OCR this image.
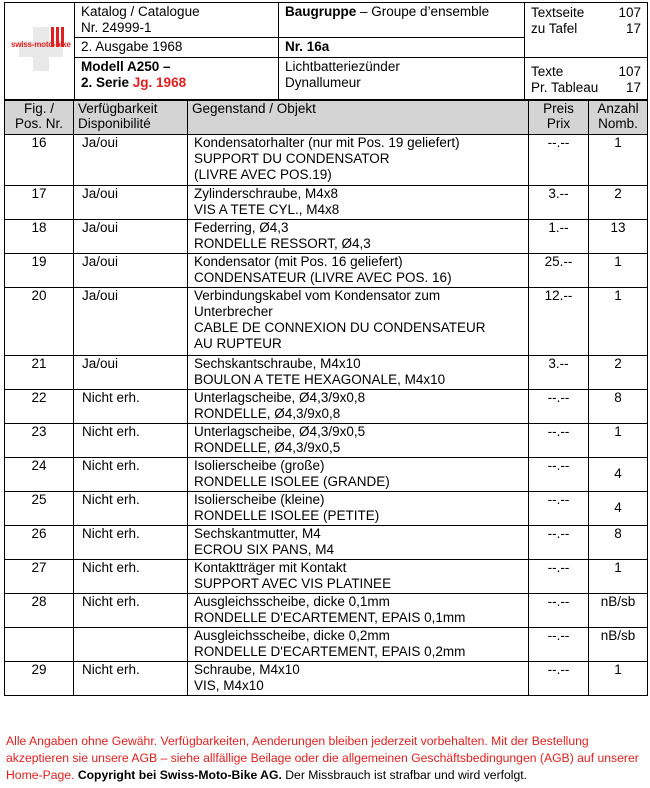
swiss-moto-bike	Katalog / Catalogue
Nr. 24999-1	Baugruppe – Groupe d’ensemble	Textseite 107
zu Tafel 17

	2. Ausgabe 1968	Nr. 16a	

	Modell A250 –
2. Serie Jg. 1968	Lichtbatteriezünder
Dynallumeur	Texte 107
Pr. Tableau 17
Fig. /
Pos. Nr.	Verfügbarkeit
Disponibilité	Gegenstand / Objekt	Preis
Prix	Anzahl
Nomb.

16	Ja/oui	Kondensatorhalter (nur mit Pos. 19 geliefert)
SUPPORT DU CONDENSATOR
(LIVRE AVEC POS.19)	--.--	1
17	Ja/oui	Zylinderschraube, M4x8
VIS A TETE CYL., M4x8	3.--	2
18	Ja/oui	Federring, Ø4,3
RONDELLE RESSORT, Ø4,3	1.--	13
19	Ja/oui	Kondensator (mit Pos. 16 geliefert)
CONDENSATEUR (LIVRE AVEC POS. 16)	25.--	1
20	Ja/oui	Verbindungskabel vom Kondensator zum
Unterbrecher
CABLE DE CONNEXION DU CONDENSATEUR
AU RUPTEUR	12.--	1
21	Ja/oui	Sechskantschraube, M4x10
BOULON A TETE HEXAGONALE, M4x10	3.--	2
22	Nicht erh.	Unterlagscheibe, Ø4,3/9x0,8
RONDELLE, Ø4,3/9x0,8	--.--	8
23	Nicht erh.	Unterlagscheibe, Ø4,3/9x0,5
RONDELLE, Ø4,3/9x0,5	--.--	1
24	Nicht erh.	Isolierscheibe (große)
RONDELLE ISOLEE (GRANDE)	--.--	4
25	Nicht erh.	Isolierscheibe (kleine)
RONDELLE ISOLEE (PETITE)	--.--	4
26	Nicht erh.	Sechskantmutter, M4
ECROU SIX PANS, M4	--.--	8
27	Nicht erh.	Kontaktträger mit Kontakt
SUPPORT AVEC VIS PLATINEE	--.--	1
28	Nicht erh.	Ausgleichsscheibe, dicke 0,1mm
RONDELLE D'ECARTEMENT, EPAIS 0,1mm	--.--	nB/sb

		Ausgleichsscheibe, dicke 0,2mm
RONDELLE D'ECARTEMENT, EPAIS 0,2mm	--.--	nB/sb
29	Nicht erh.	Schraube, M4x10
VIS, M4x10	--.--	1
Alle Angaben ohne Gewähr. Verfügbarkeiten, Aenderungen bleiben jederzeit vorbehalten. Mit der Bestellung akzeptieren sie unsere AGB – siehe allfällige Beilage oder die allgemeinen Geschäftsbedingungen (AGB) auf unserer Home-Page. Copyright bei Swiss-Moto-Bike AG. Der Missbrauch ist strafbar und wird verfolgt.
